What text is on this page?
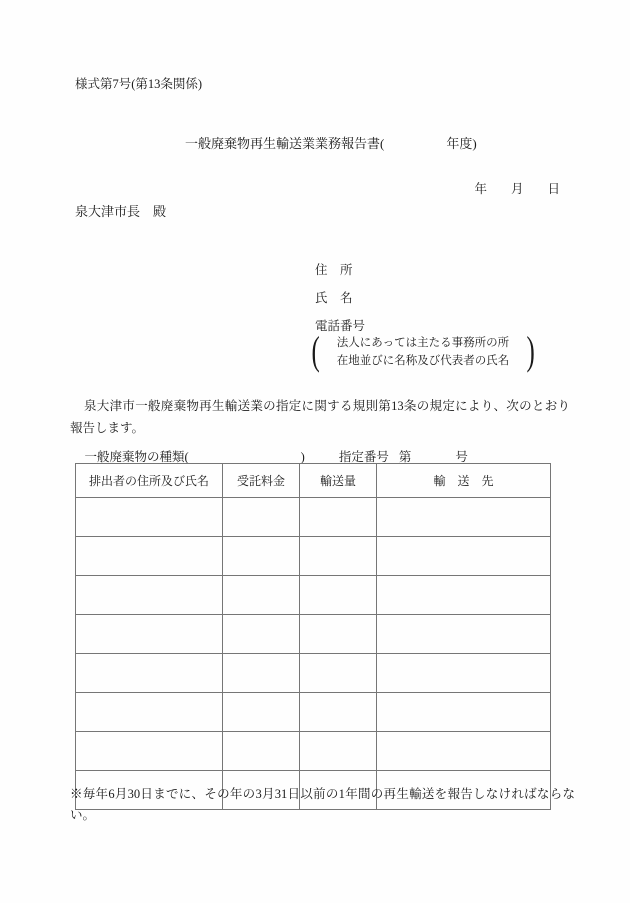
様式第7号(第13条関係)

一般廃棄物再生輸送業業務報告書(	年度)

年 月 日

泉大津市長　殿
住　所
氏　名
電話番号
(	法人にあっては主たる事務所の所
在地並びに名称及び代表者の氏名 )
泉大津市一般廃棄物再生輸送業の指定に関する規則第13条の規定により、次のとおり報告します。

一般廃棄物の種類(	)	指定番号 第	号

排出者の住所及び氏名	受託料金	輸送量	輸　送　先

※毎年6月30日までに、その年の3月31日以前の1年間の再生輸送を報告しなければならない。
